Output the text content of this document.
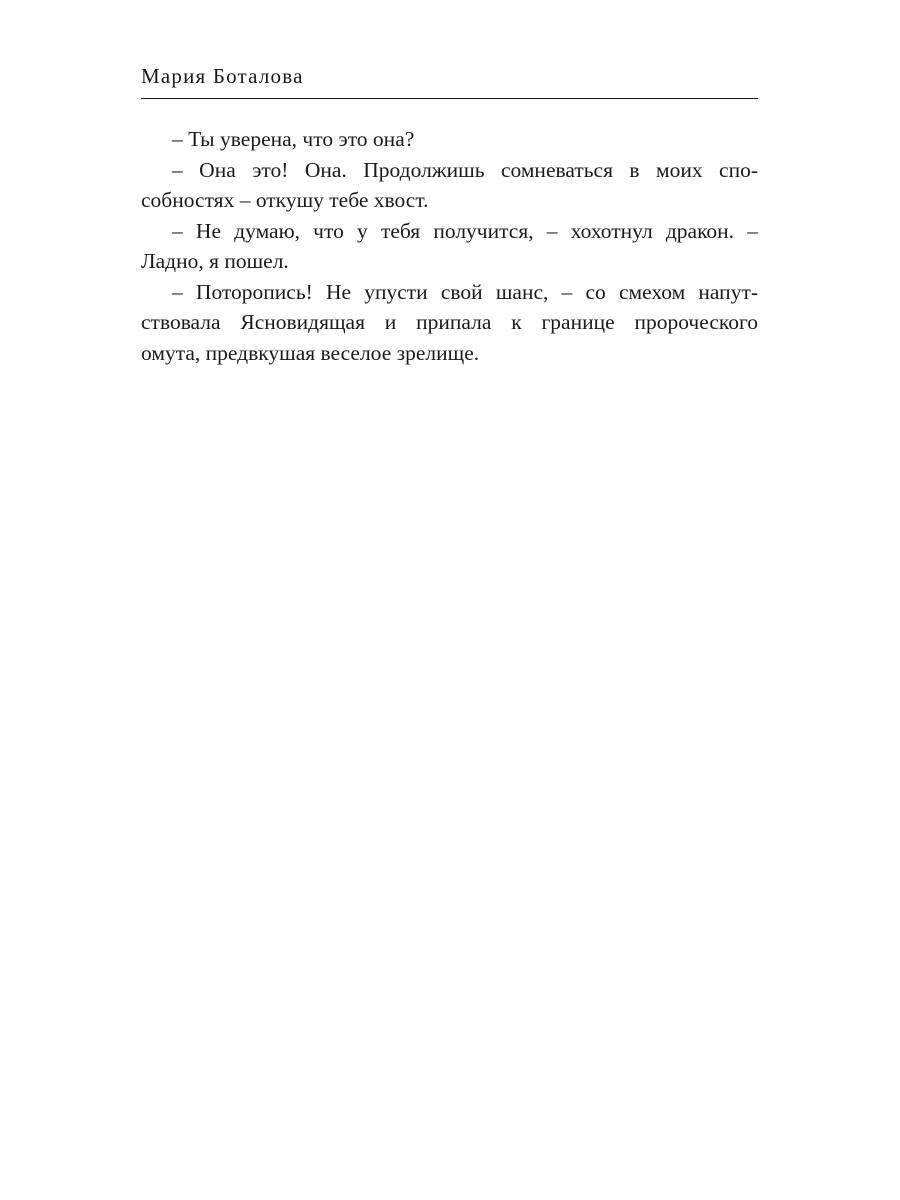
Мария Боталова
– Ты уверена, что это она?
– Она это! Она. Продолжишь сомневаться в моих спо-
собностях – откушу тебе хвост.
– Не думаю, что у тебя получится, – хохотнул дракон. –
Ладно, я пошел.
– Поторопись! Не упусти свой шанс, – со смехом напут-
ствовала Ясновидящая и припала к границе пророческого
омута, предвкушая веселое зрелище.
